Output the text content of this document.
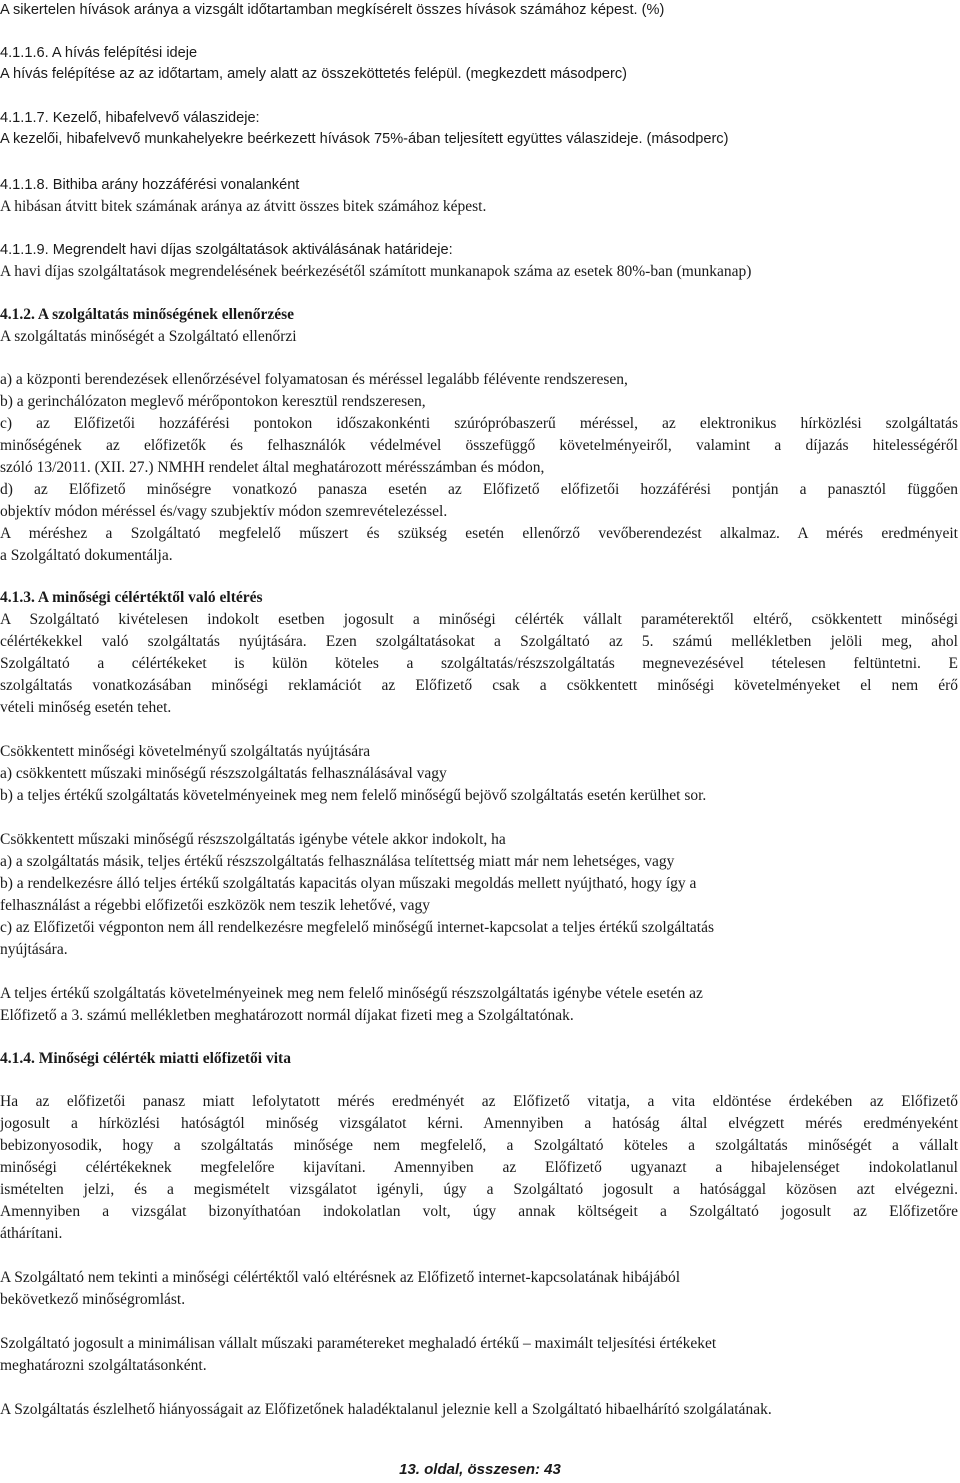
A sikertelen hívások aránya a vizsgált időtartamban megkísérelt összes hívások számához képest. (%)

4.1.1.6. A hívás felépítési ideje

A hívás felépítése az az időtartam, amely alatt az összeköttetés felépül. (megkezdett másodperc)

4.1.1.7. Kezelő, hibafelvevő válaszideje:

A kezelői, hibafelvevő munkahelyekre beérkezett hívások 75%-ában teljesített együttes válaszideje. (másodperc)

4.1.1.8. Bithiba arány hozzáférési vonalanként

A hibásan átvitt bitek számának aránya az átvitt összes bitek számához képest.

4.1.1.9. Megrendelt havi díjas szolgáltatások aktiválásának határideje:

A havi díjas szolgáltatások megrendelésének beérkezésétől számított munkanapok száma az esetek 80%-ban (munkanap)

4.1.2. A szolgáltatás minőségének ellenőrzése

A szolgáltatás minőségét a Szolgáltató ellenőrzi

a) a központi berendezések ellenőrzésével folyamatosan és méréssel legalább félévente rendszeresen,

b) a gerinchálózaton meglevő mérőpontokon keresztül rendszeresen,

c) az Előfizetői hozzáférési pontokon időszakonkénti szúrópróbaszerű méréssel, az elektronikus hírközlési szolgáltatás

minőségének az előfizetők és felhasználók védelmével összefüggő követelményeiről, valamint a díjazás hitelességéről

szóló 13/2011. (XII. 27.) NMHH rendelet által meghatározott mérésszámban és módon,

d) az Előfizető minőségre vonatkozó panasza esetén az Előfizető előfizetői hozzáférési pontján a panasztól függően

objektív módon méréssel és/vagy szubjektív módon szemrevételezéssel.

A méréshez a Szolgáltató megfelelő műszert és szükség esetén ellenőrző vevőberendezést alkalmaz. A mérés eredményeit

a Szolgáltató dokumentálja.

4.1.3. A minőségi célértéktől való eltérés

A Szolgáltató kivételesen indokolt esetben jogosult a minőségi célérték vállalt paraméterektől eltérő, csökkentett minőségi

célértékekkel való szolgáltatás nyújtására. Ezen szolgáltatásokat a Szolgáltató az 5. számú mellékletben jelöli meg, ahol

Szolgáltató a célértékeket is külön köteles a szolgáltatás/részszolgáltatás megnevezésével tételesen feltüntetni. E

szolgáltatás vonatkozásában minőségi reklamációt az Előfizető csak a csökkentett minőségi követelményeket el nem érő

vételi minőség esetén tehet.

Csökkentett minőségi követelményű szolgáltatás nyújtására

a) csökkentett műszaki minőségű részszolgáltatás felhasználásával vagy

b) a teljes értékű szolgáltatás követelményeinek meg nem felelő minőségű bejövő szolgáltatás esetén kerülhet sor.

Csökkentett műszaki minőségű részszolgáltatás igénybe vétele akkor indokolt, ha

a) a szolgáltatás másik, teljes értékű részszolgáltatás felhasználása telítettség miatt már nem lehetséges, vagy

b) a rendelkezésre álló teljes értékű szolgáltatás kapacitás olyan műszaki megoldás mellett nyújtható, hogy így a

felhasználást a régebbi előfizetői eszközök nem teszik lehetővé, vagy

c) az Előfizetői végponton nem áll rendelkezésre megfelelő minőségű internet-kapcsolat a teljes értékű szolgáltatás

nyújtására.

A teljes értékű szolgáltatás követelményeinek meg nem felelő minőségű részszolgáltatás igénybe vétele esetén az

Előfizető a 3. számú mellékletben meghatározott normál díjakat fizeti meg a Szolgáltatónak.

4.1.4. Minőségi célérték miatti előfizetői vita

Ha az előfizetői panasz miatt lefolytatott mérés eredményét az Előfizető vitatja, a vita eldöntése érdekében az Előfizető

jogosult a hírközlési hatóságtól minőség vizsgálatot kérni. Amennyiben a hatóság által elvégzett mérés eredményeként

bebizonyosodik, hogy a szolgáltatás minősége nem megfelelő, a Szolgáltató köteles a szolgáltatás minőségét a vállalt

minőségi célértékeknek megfelelőre kijavítani. Amennyiben az Előfizető ugyanazt a hibajelenséget indokolatlanul

ismételten jelzi, és a megismételt vizsgálatot igényli, úgy a Szolgáltató jogosult a hatósággal közösen azt elvégezni.

Amennyiben a vizsgálat bizonyíthatóan indokolatlan volt, úgy annak költségeit a Szolgáltató jogosult az Előfizetőre

áthárítani.

A Szolgáltató nem tekinti a minőségi célértéktől való eltérésnek az Előfizető internet-kapcsolatának hibájából

bekövetkező minőségromlást.

Szolgáltató jogosult a minimálisan vállalt műszaki paramétereket meghaladó értékű – maximált teljesítési értékeket

meghatározni szolgáltatásonként.

A Szolgáltatás észlelhető hiányosságait az Előfizetőnek haladéktalanul jeleznie kell a Szolgáltató hibaelhárító szolgálatának.

13. oldal, összesen: 43
